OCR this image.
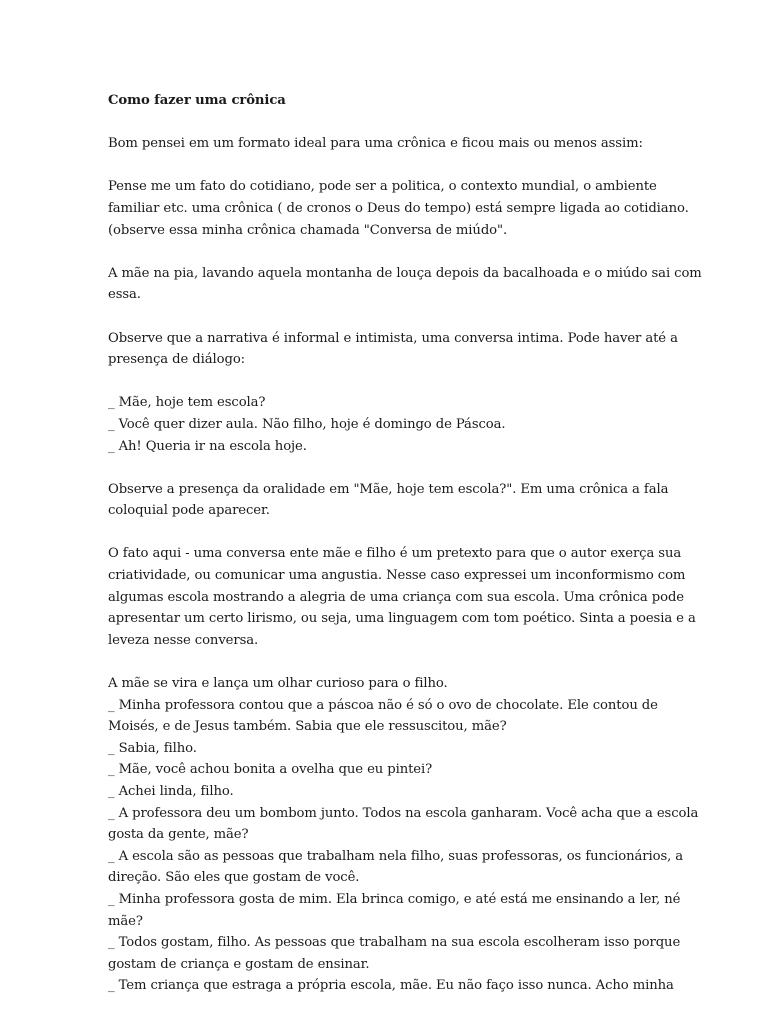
Como fazer uma crônica
Bom pensei em um formato ideal para uma crônica e ficou mais ou menos assim:
Pense me um fato do cotidiano, pode ser a politica, o contexto mundial, o ambiente
familiar etc. uma crônica ( de cronos o Deus do tempo) está sempre ligada ao cotidiano.
(observe essa minha crônica chamada "Conversa de miúdo".
A mãe na pia, lavando aquela montanha de louça depois da bacalhoada e o miúdo sai com
essa.
Observe que a narrativa é informal e intimista, uma conversa intima. Pode haver até a
presença de diálogo:
_ Mãe, hoje tem escola?
_ Você quer dizer aula. Não filho, hoje é domingo de Páscoa.
_ Ah! Queria ir na escola hoje.
Observe a presença da oralidade em "Mãe, hoje tem escola?". Em uma crônica a fala
coloquial pode aparecer.
O fato aqui - uma conversa ente mãe e filho é um pretexto para que o autor exerça sua
criatividade, ou comunicar uma angustia. Nesse caso expressei um inconformismo com
algumas escola mostrando a alegria de uma criança com sua escola. Uma crônica pode
apresentar um certo lirismo, ou seja, uma linguagem com tom poético. Sinta a poesia e a
leveza nesse conversa.
A mãe se vira e lança um olhar curioso para o filho.
_ Minha professora contou que a páscoa não é só o ovo de chocolate. Ele contou de
Moisés, e de Jesus também. Sabia que ele ressuscitou, mãe?
_ Sabia, filho.
_ Mãe, você achou bonita a ovelha que eu pintei?
_ Achei linda, filho.
_ A professora deu um bombom junto. Todos na escola ganharam. Você acha que a escola
gosta da gente, mãe?
_ A escola são as pessoas que trabalham nela filho, suas professoras, os funcionários, a
direção. São eles que gostam de você.
_ Minha professora gosta de mim. Ela brinca comigo, e até está me ensinando a ler, né
mãe?
_ Todos gostam, filho. As pessoas que trabalham na sua escola escolheram isso porque
gostam de criança e gostam de ensinar.
_ Tem criança que estraga a própria escola, mãe. Eu não faço isso nunca. Acho minha
